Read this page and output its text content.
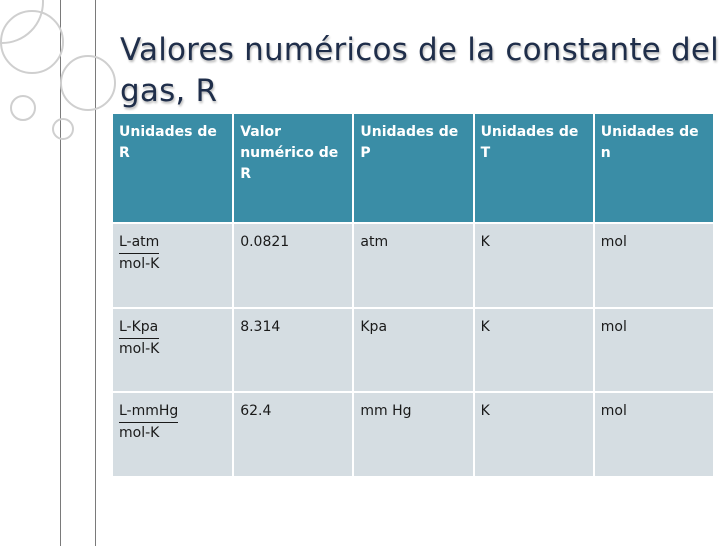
Valores numéricos de la constante del gas, R
Unidades de R	Valor numérico de R	Unidades de P	Unidades de T	Unidades de n

$\frac{\text{L-atm}}{\text{mol-K}}$	0.0821	atm	K	mol

$\frac{\text{L-Kpa}}{\text{mol-K}}$	8.314	Kpa	K	mol

$\frac{\text{L-mmHg}}{\text{mol-K}}$	62.4	mm Hg	K	mol
